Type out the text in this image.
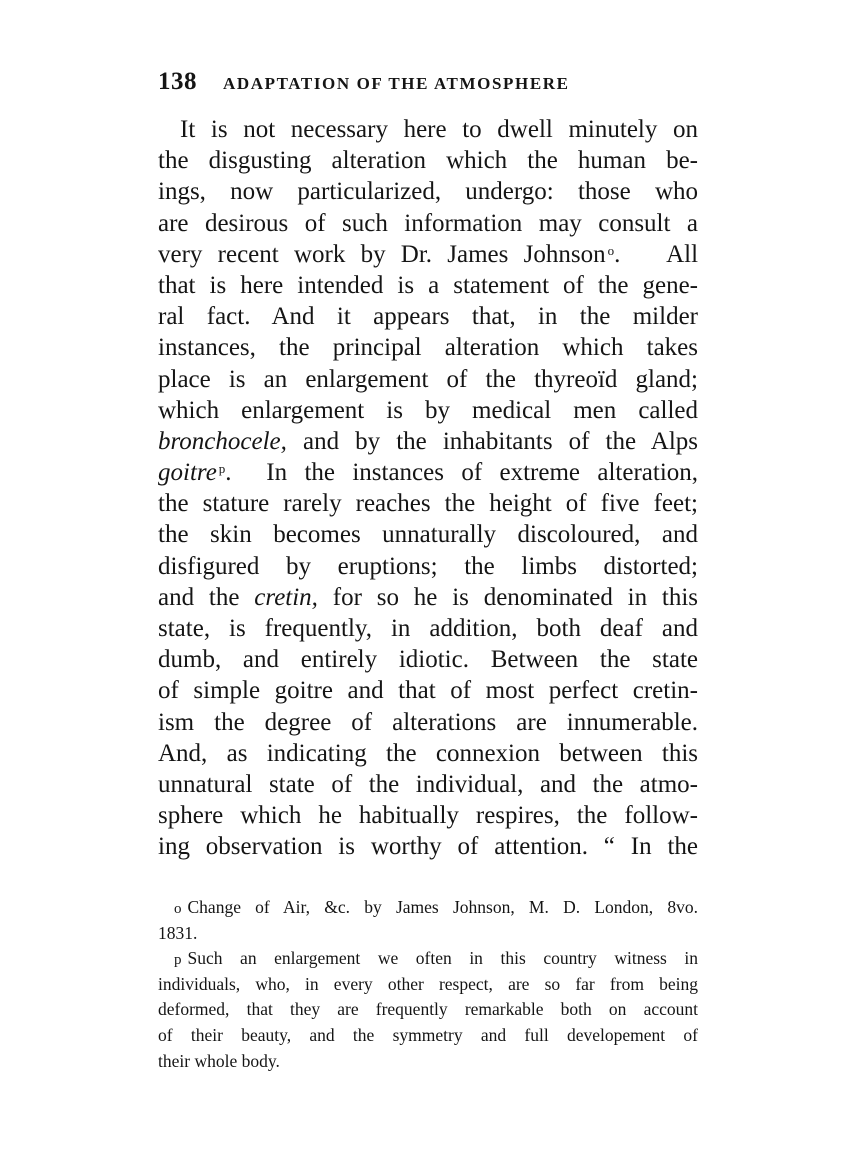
138 ADAPTATION OF THE ATMOSPHERE
It is not necessary here to dwell minutely on
the disgusting alteration which the human be-
ings, now particularized, undergo: those who
are desirous of such information may consult a
very recent work by Dr. James Johnson $^o$. All
that is here intended is a statement of the gene-
ral fact. And it appears that, in the milder
instances, the principal alteration which takes
place is an enlargement of the thyreoïd gland;
which enlargement is by medical men called
bronchocele, and by the inhabitants of the Alps
goitre $^p$. In the instances of extreme alteration,
the stature rarely reaches the height of five feet;
the skin becomes unnaturally discoloured, and
disfigured by eruptions; the limbs distorted;
and the cretin, for so he is denominated in this
state, is frequently, in addition, both deaf and
dumb, and entirely idiotic. Between the state
of simple goitre and that of most perfect cretin-
ism the degree of alterations are innumerable.
And, as indicating the connexion between this
unnatural state of the individual, and the atmo-
sphere which he habitually respires, the follow-
ing observation is worthy of attention. “ In the
o Change of Air, &c. by James Johnson, M. D. London, 8vo.
1831.
p Such an enlargement we often in this country witness in
individuals, who, in every other respect, are so far from being
deformed, that they are frequently remarkable both on account
of their beauty, and the symmetry and full developement of
their whole body.
